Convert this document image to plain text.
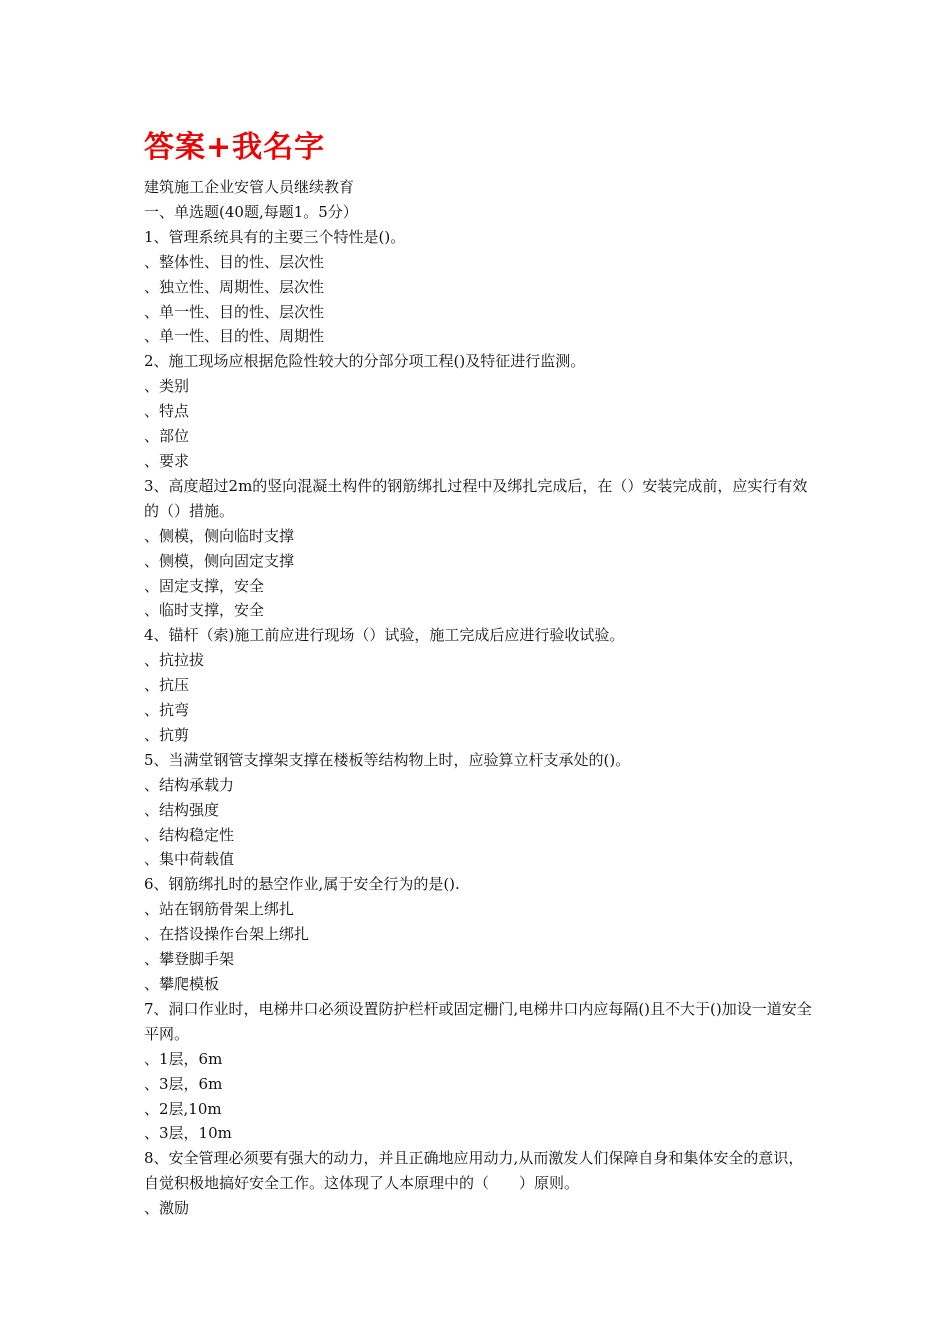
答案+我名字
建筑施工企业安管人员继续教育
一、单选题(40题,每题1。5分）
1、管理系统具有的主要三个特性是()。
、整体性、目的性、层次性
、独立性、周期性、层次性
、单一性、目的性、层次性
、单一性、目的性、周期性
2、施工现场应根据危险性较大的分部分项工程()及特征进行监测。
、类别
、特点
、部位
、要求
3、高度超过2m的竖向混凝土构件的钢筋绑扎过程中及绑扎完成后，在（）安装完成前，应实行有效的（）措施。
、侧模，侧向临时支撑
、侧模，侧向固定支撑
、固定支撑，安全
、临时支撑，安全
4、锚杆（索)施工前应进行现场（）试验，施工完成后应进行验收试验。
、抗拉拔
、抗压
、抗弯
、抗剪
5、当满堂钢管支撑架支撑在楼板等结构物上时，应验算立杆支承处的()。
、结构承载力
、结构强度
、结构稳定性
、集中荷载值
6、钢筋绑扎时的悬空作业,属于安全行为的是().
、站在钢筋骨架上绑扎
、在搭设操作台架上绑扎
、攀登脚手架
、攀爬模板
7、洞口作业时，电梯井口必须设置防护栏杆或固定栅门,电梯井口内应每隔()且不大于()加设一道安全平网。
、1层，6m
、3层，6m
、2层,10m
、3层，10m
8、安全管理必须要有强大的动力，并且正确地应用动力,从而激发人们保障自身和集体安全的意识，自觉积极地搞好安全工作。这体现了人本原理中的（　　）原则。
、激励
